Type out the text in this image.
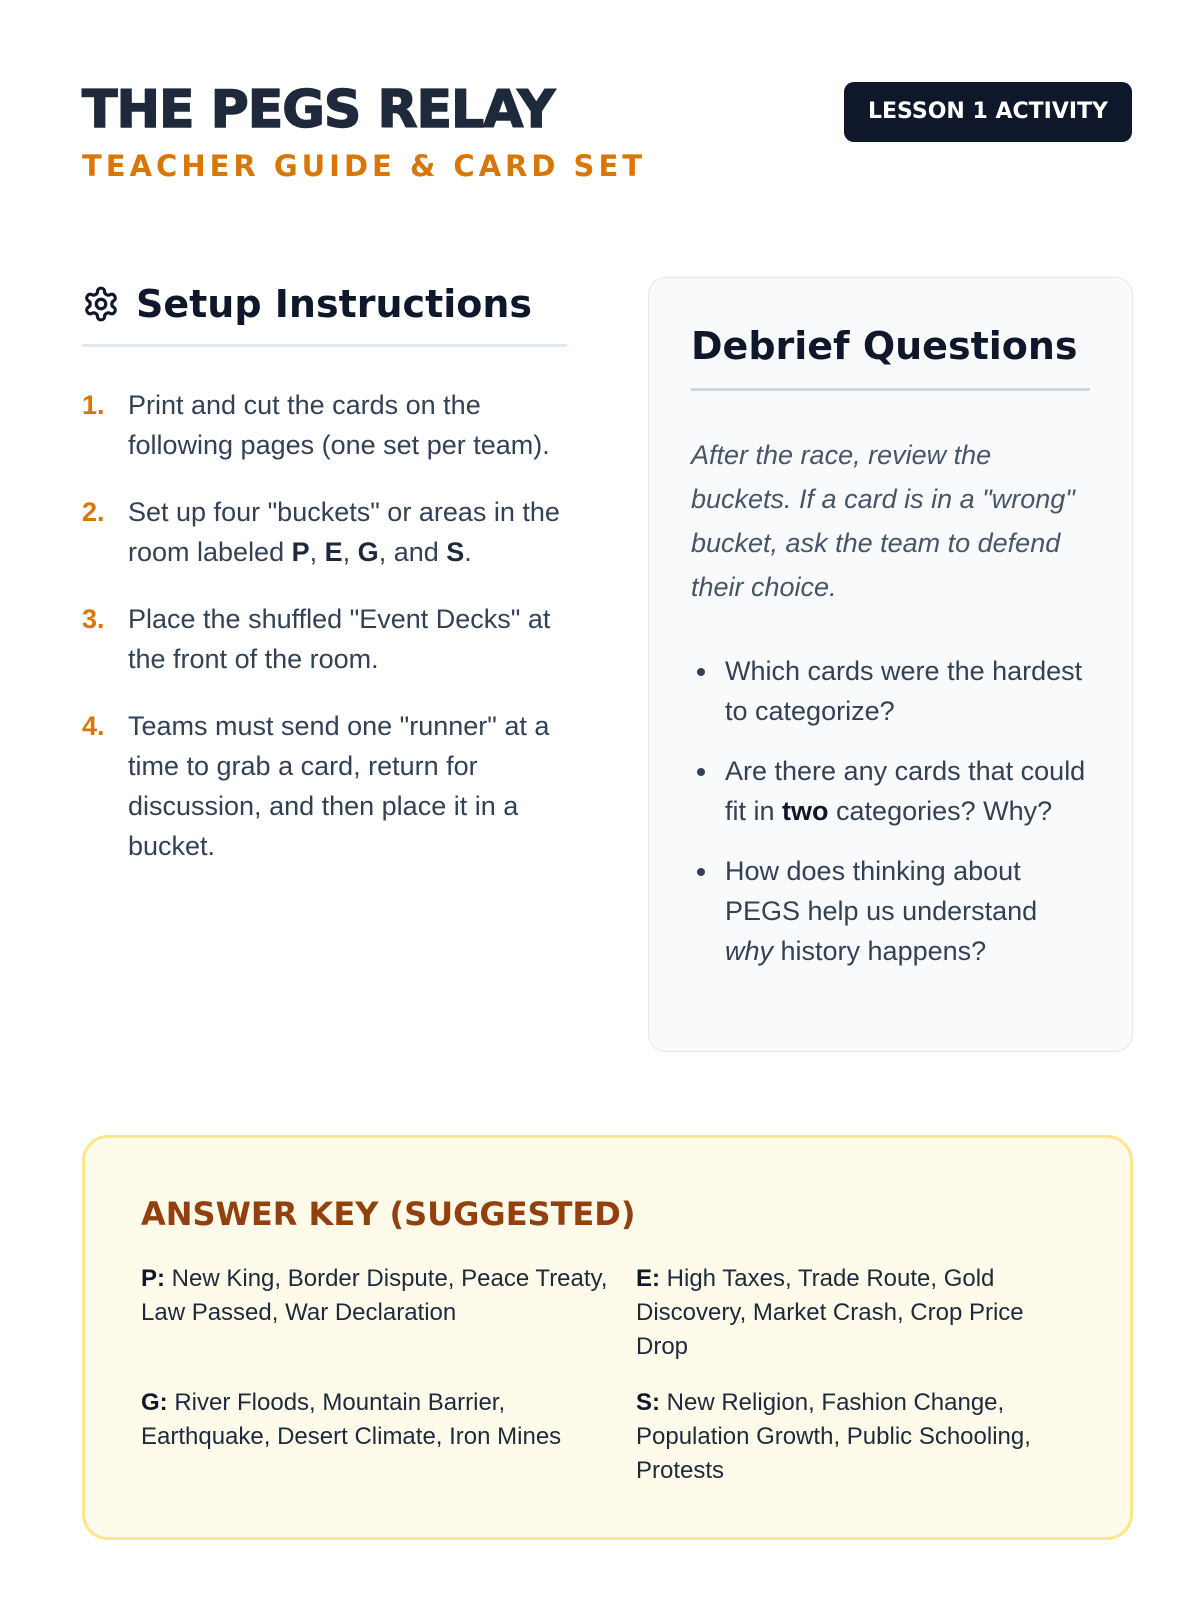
THE PEGS RELAY
TEACHER GUIDE & CARD SET
LESSON 1 ACTIVITY
Setup Instructions
1. Print and cut the cards on the following pages (one set per team).
2. Set up four "buckets" or areas in the room labeled P, E, G, and S.
3. Place the shuffled "Event Decks" at the front of the room.
4. Teams must send one "runner" at a time to grab a card, return for discussion, and then place it in a bucket.
Debrief Questions

After the race, review the buckets. If a card is in a "wrong" bucket, ask the team to defend their choice.

Which cards were the hardest to categorize?
Are there any cards that could fit in two categories? Why?
How does thinking about PEGS help us understand why history happens?
ANSWER KEY (SUGGESTED)
P: New King, Border Dispute, Peace Treaty, Law Passed, War Declaration
E: High Taxes, Trade Route, Gold Discovery, Market Crash, Crop Price Drop
G: River Floods, Mountain Barrier, Earthquake, Desert Climate, Iron Mines
S: New Religion, Fashion Change, Population Growth, Public Schooling, Protests
